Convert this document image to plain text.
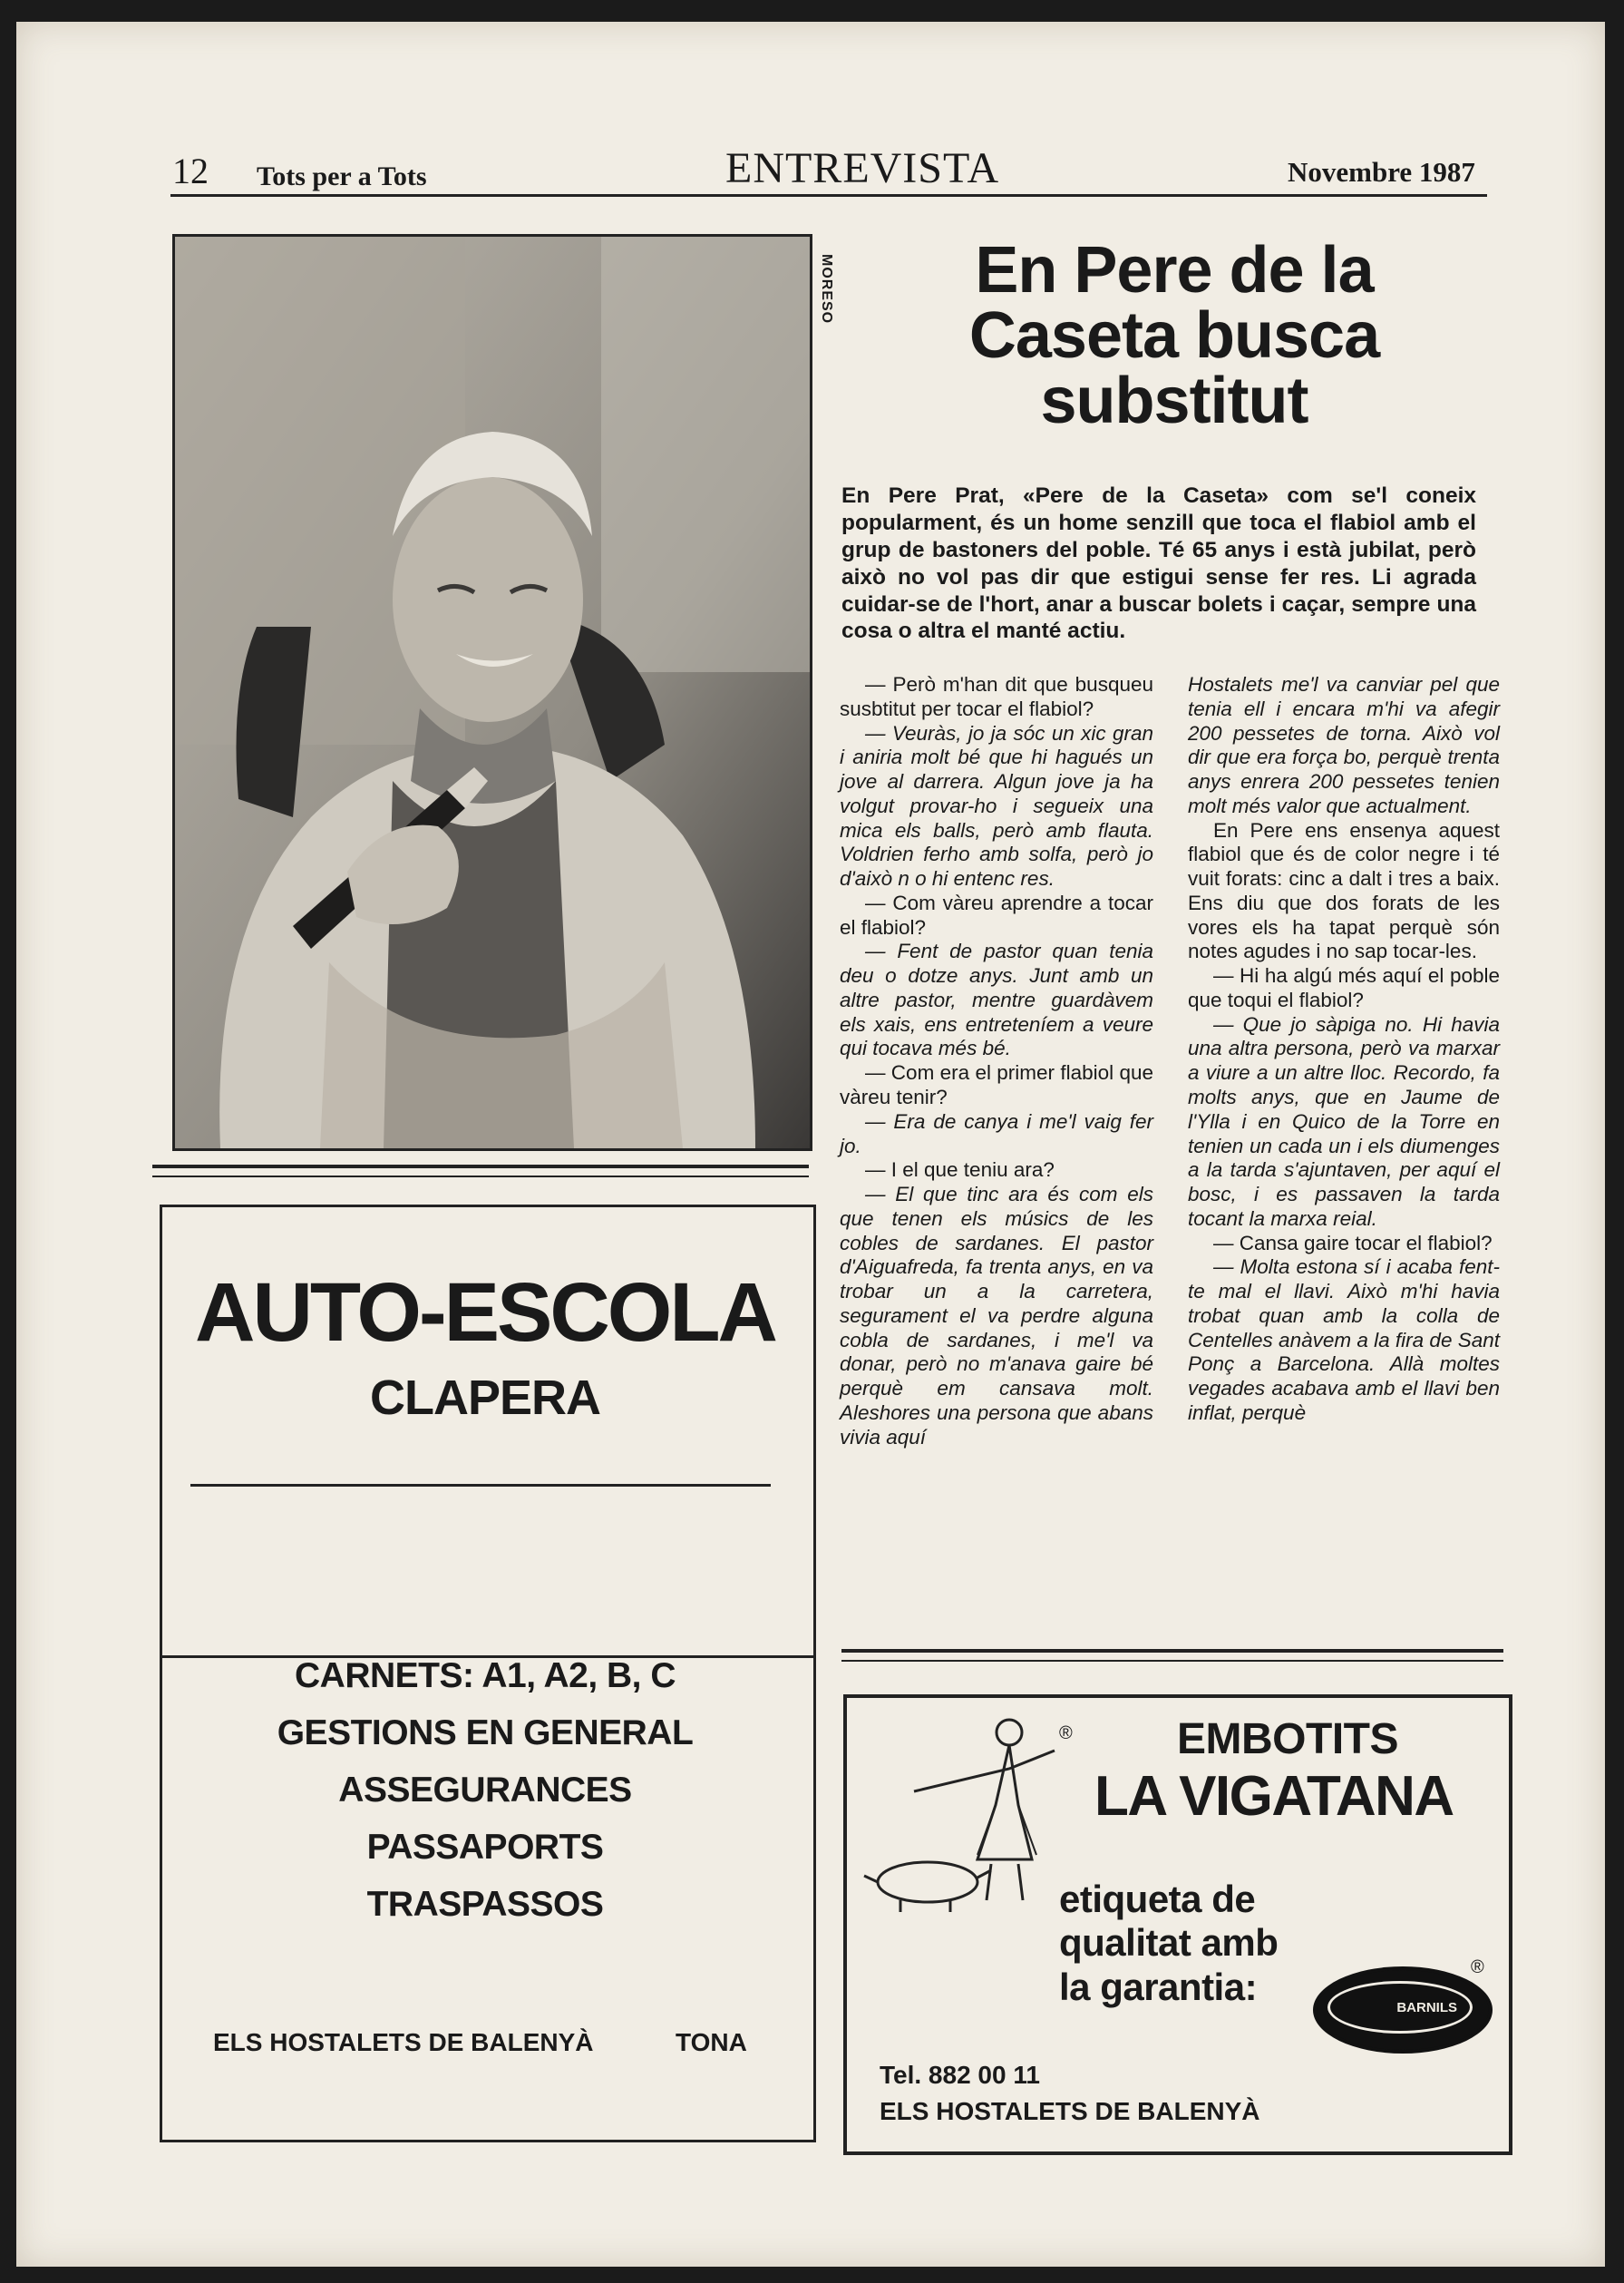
12 Tots per a Tots	ENTREVISTA	Novembre 1987
MORESO	En Pere de la
Caseta busca
substitut
En Pere Prat, «Pere de la Caseta» com se'l coneix popularment, és un home senzill que toca el flabiol amb el grup de bastoners del poble. Té 65 anys i està jubilat, però això no vol pas dir que estigui sense fer res. Li agrada cuidar-se de l'hort, anar a buscar bolets i caçar, sempre una cosa o altra el manté actiu.

— Però m'han dit que busqueu susbtitut per tocar el flabiol?

— Veuràs, jo ja sóc un xic gran i aniria molt bé que hi hagués un jove al darrera. Algun jove ja ha volgut provar-ho i segueix una mica els balls, però amb flauta. Voldrien ferho amb solfa, però jo d'això n o hi entenc res.

— Com vàreu aprendre a tocar el flabiol?

— Fent de pastor quan tenia deu o dotze anys. Junt amb un altre pastor, mentre guardàvem els xais, ens entreteníem a veure qui tocava més bé.

— Com era el primer flabiol que vàreu tenir?

— Era de canya i me'l vaig fer jo.

— I el que teniu ara?

— El que tinc ara és com els que tenen els músics de les cobles de sardanes. El pastor d'Aiguafreda, fa trenta anys, en va trobar un a la carretera, segurament el va perdre alguna cobla de sardanes, i me'l va donar, però no m'anava gaire bé perquè em cansava molt. Aleshores una persona que abans vivia aquí

Hostalets me'l va canviar pel que tenia ell i encara m'hi va afegir 200 pessetes de torna. Això vol dir que era força bo, perquè trenta anys enrera 200 pessetes tenien molt més valor que actualment.

En Pere ens ensenya aquest flabiol que és de color negre i té vuit forats: cinc a dalt i tres a baix. Ens diu que dos forats de les vores els ha tapat perquè són notes agudes i no sap tocar-les.

— Hi ha algú més aquí el poble que toqui el flabiol?

— Que jo sàpiga no. Hi havia una altra persona, però va marxar a viure a un altre lloc. Recordo, fa molts anys, que en Jaume de l'Ylla i en Quico de la Torre en tenien un cada un i els diumenges a la tarda s'ajuntaven, per aquí el bosc, i es passaven la tarda tocant la marxa reial.

— Cansa gaire tocar el flabiol?

— Molta estona sí i acaba fent-te mal el llavi. Això m'hi havia trobat quan amb la colla de Centelles anàvem a la fira de Sant Ponç a Barcelona. Allà moltes vegades acabava amb el llavi ben inflat, perquè

AUTO-ESCOLA
CLAPERA
CARNETS: A1, A2, B, C
GESTIONS EN GENERAL
ASSEGURANCES
PASSAPORTS
TRASPASSOS
ELS HOSTALETS DE BALENYÀ	TONA
® EMBOTITS
LA VIGATANA
etiqueta de
qualitat amb
la garantia:	BARNILS
®
Tel. 882 00 11
ELS HOSTALETS DE BALENYÀ
